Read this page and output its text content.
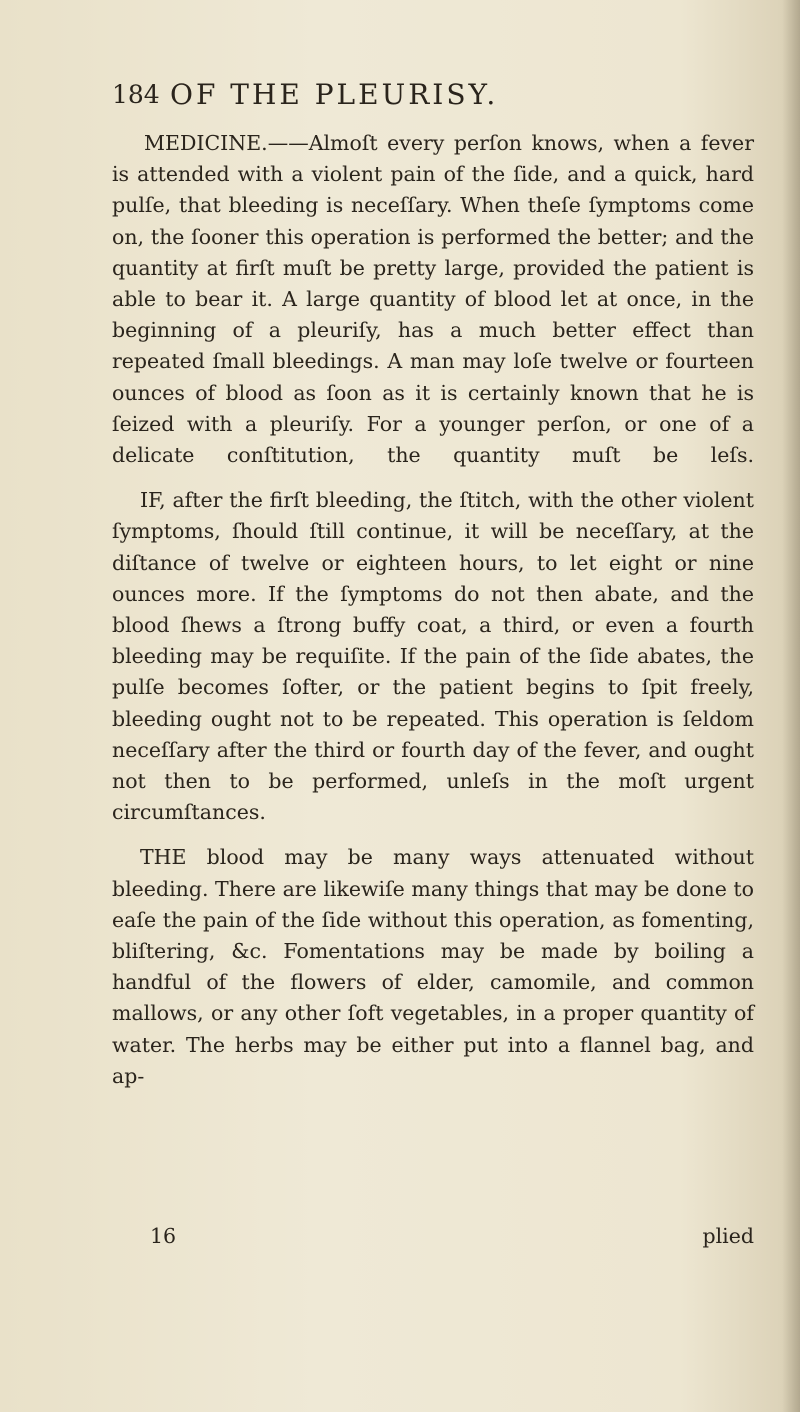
184 OF THE PLEURISY.

MEDICINE.——Almoſt every perſon knows, when a fever is attended with a violent pain of the ſide, and a quick, hard pulſe, that bleeding is neceſſary. When theſe ſymptoms come on, the ſooner this operation is performed the better; and the quantity at firſt muſt be pretty large, provided the patient is able to bear it. A large quantity of blood let at once, in the beginning of a pleuriſy, has a much better effect than repeated ſmall bleedings. A man may loſe twelve or fourteen ounces of blood as ſoon as it is certainly known that he is ſeized with a pleuriſy. For a younger perſon, or one of a delicate conſtitution, the quantity muſt be leſs.

IF, after the firſt bleeding, the ſtitch, with the other violent ſymptoms, ſhould ſtill continue, it will be neceſſary, at the diſtance of twelve or eighteen hours, to let eight or nine ounces more. If the ſymptoms do not then abate, and the blood ſhews a ſtrong buffy coat, a third, or even a fourth bleeding may be requiſite. If the pain of the ſide abates, the pulſe becomes ſofter, or the patient begins to ſpit freely, bleeding ought not to be repeated. This operation is ſeldom neceſſary after the third or fourth day of the fever, and ought not then to be performed, unleſs in the moſt urgent circumſtances.

THE blood may be many ways attenuated without bleeding. There are likewiſe many things that may be done to eaſe the pain of the ſide without this operation, as fomenting, bliſtering, &c. Fomentations may be made by boiling a handful of the flowers of elder, camomile, and common mallows, or any other ſoft vegetables, in a proper quantity of water. The herbs may be either put into a flannel bag, and ap-

16	plied
